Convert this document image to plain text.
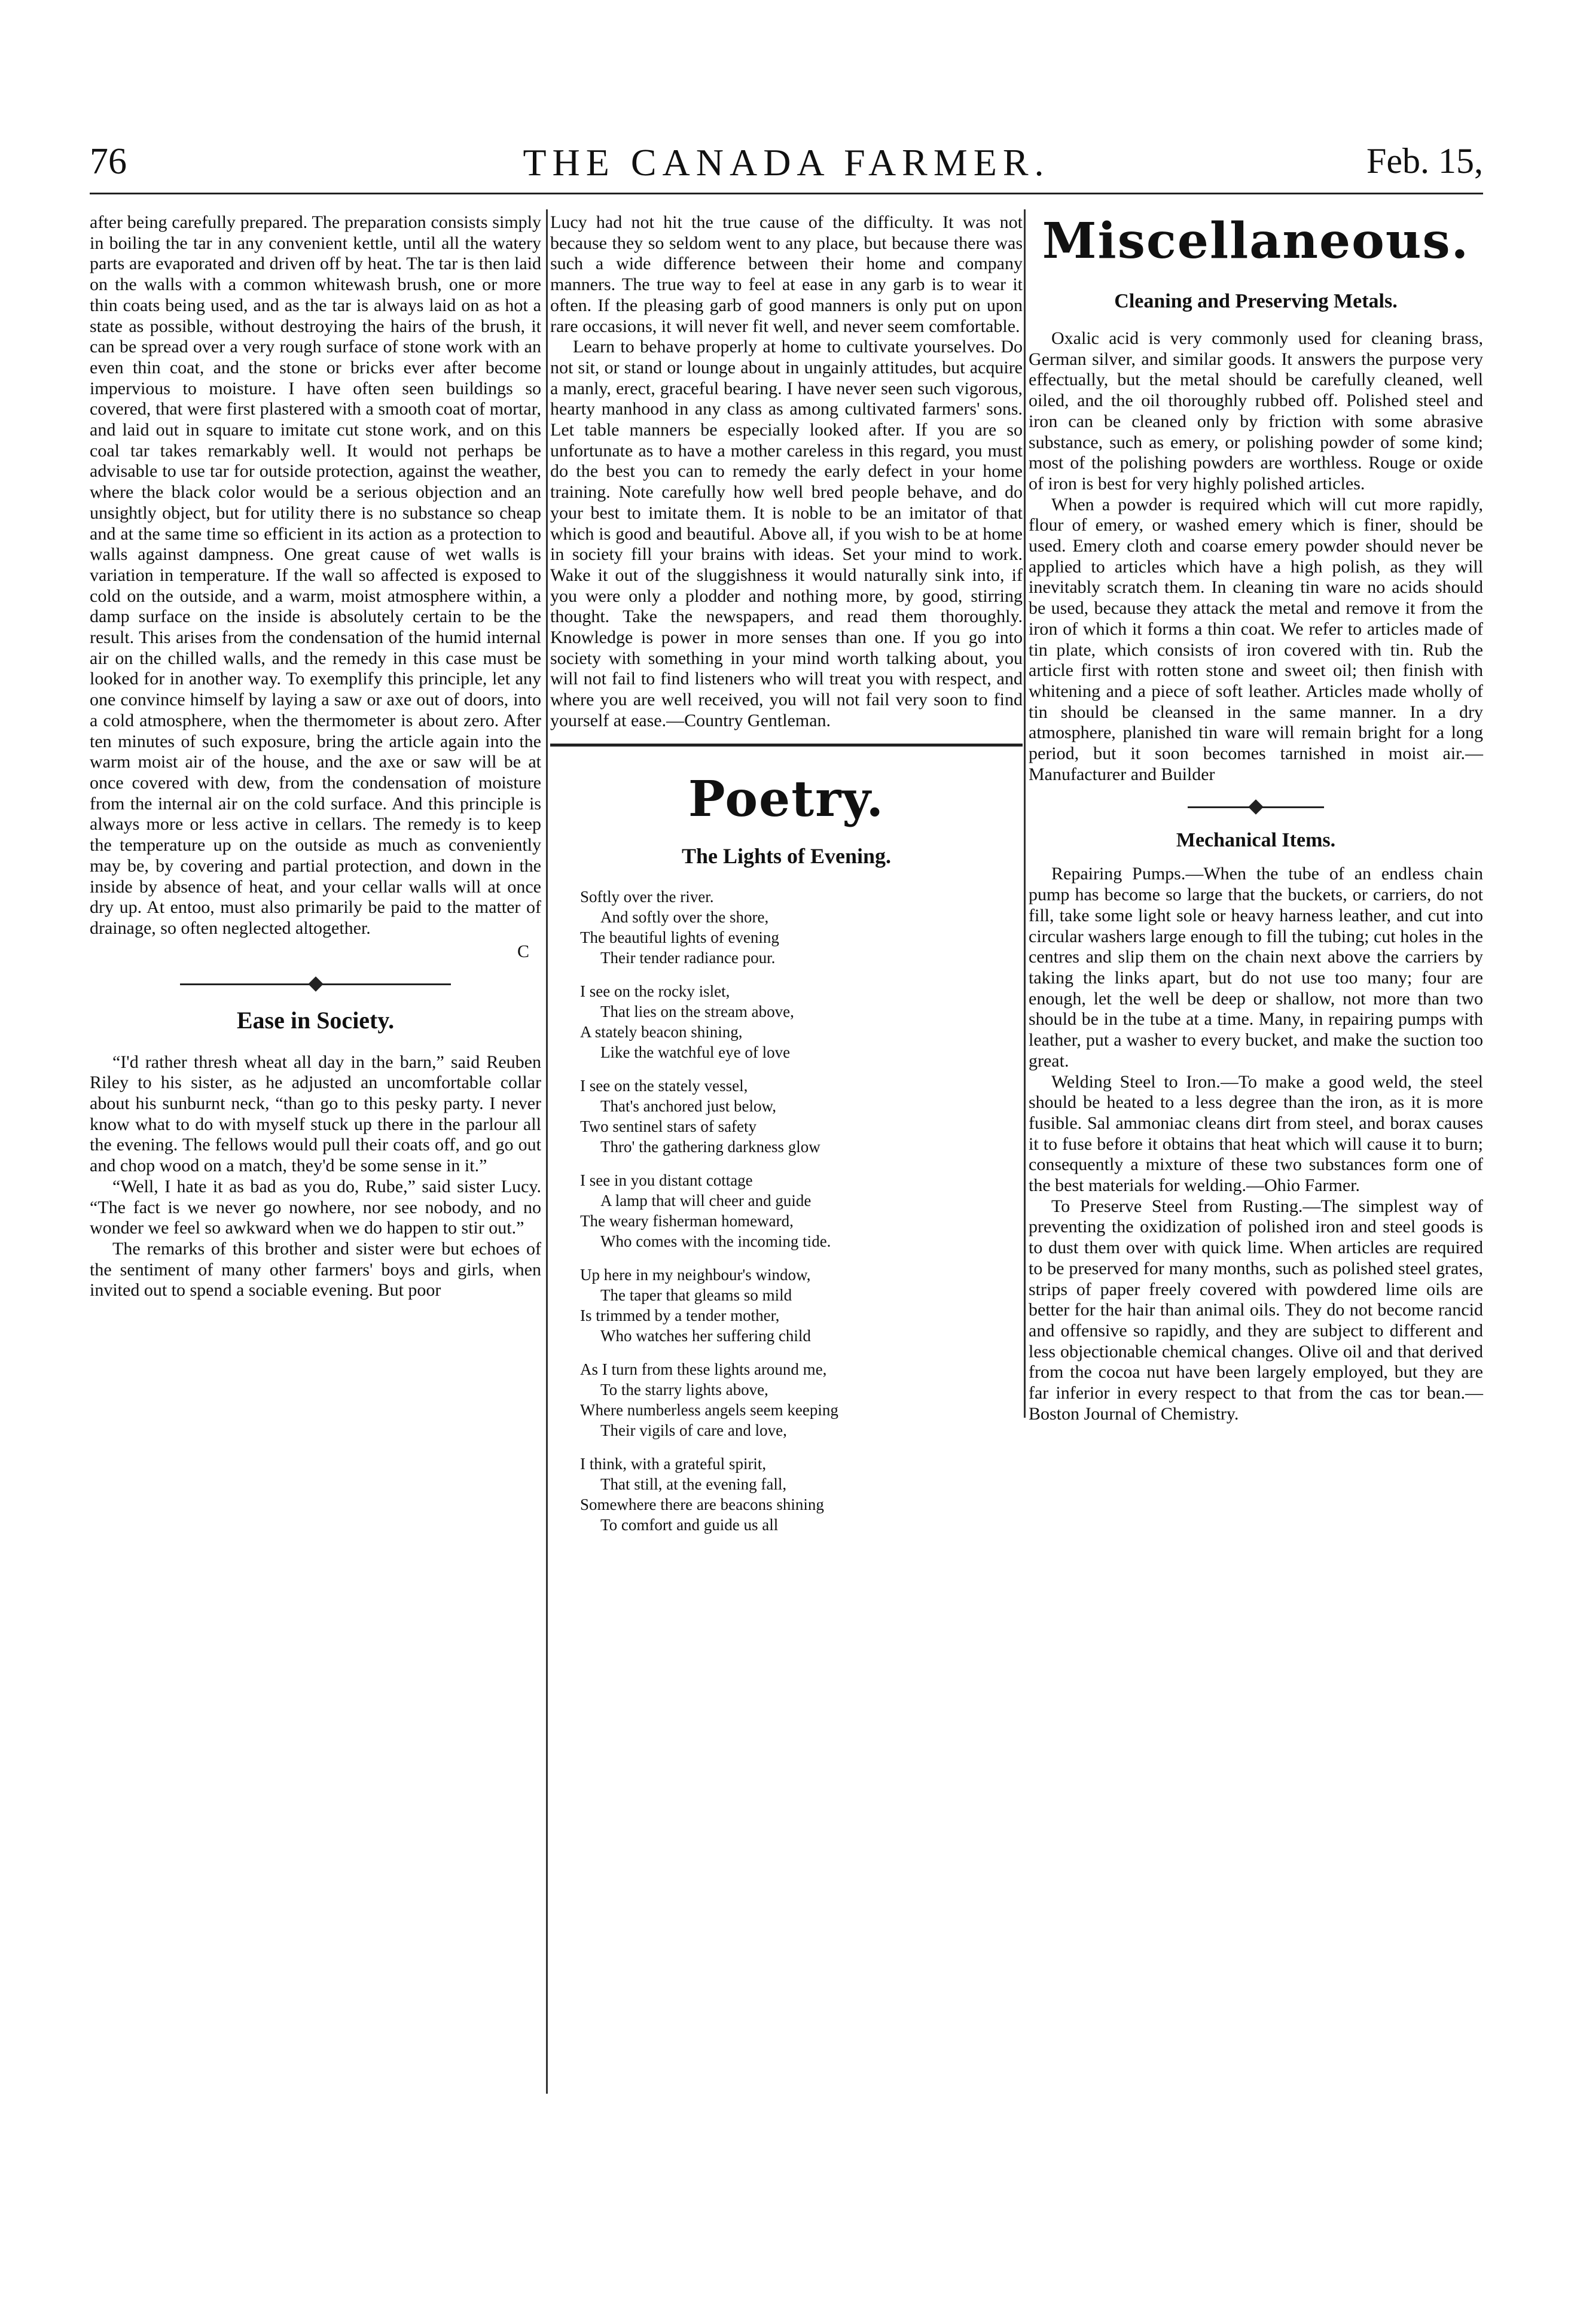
76	THE CANADA FARMER.	Feb. 15,

after being carefully prepared. The preparation consists simply in boiling the tar in any convenient kettle, until all the watery parts are evaporated and driven off by heat. The tar is then laid on the walls with a common whitewash brush, one or more thin coats being used, and as the tar is always laid on as hot a state as possible, without destroying the hairs of the brush, it can be spread over a very rough surface of stone work with an even thin coat, and the stone or bricks ever after become impervious to moisture. I have often seen buildings so covered, that were first plastered with a smooth coat of mortar, and laid out in square to imitate cut stone work, and on this coal tar takes remarkably well. It would not perhaps be advisable to use tar for outside protection, against the weather, where the black color would be a serious objection and an unsightly object, but for utility there is no substance so cheap and at the same time so efficient in its action as a protection to walls against dampness. One great cause of wet walls is variation in temperature. If the wall so affected is exposed to cold on the outside, and a warm, moist atmosphere within, a damp surface on the inside is absolutely certain to be the result. This arises from the condensation of the humid internal air on the chilled walls, and the remedy in this case must be looked for in another way. To exemplify this principle, let any one convince himself by laying a saw or axe out of doors, into a cold atmosphere, when the thermometer is about zero. After ten minutes of such exposure, bring the article again into the warm moist air of the house, and the axe or saw will be at once covered with dew, from the condensation of moisture from the internal air on the cold surface. And this principle is always more or less active in cellars. The remedy is to keep the temperature up on the outside as much as conveniently may be, by covering and partial protection, and down in the inside by absence of heat, and your cellar walls will at once dry up. At entoo, must also primarily be paid to the matter of drainage, so often neglected altogether.

C
Ease in Society.

“I'd rather thresh wheat all day in the barn,” said Reuben Riley to his sister, as he adjusted an uncomfortable collar about his sunburnt neck, “than go to this pesky party. I never know what to do with myself stuck up there in the parlour all the evening. The fellows would pull their coats off, and go out and chop wood on a match, they'd be some sense in it.”

“Well, I hate it as bad as you do, Rube,” said sister Lucy. “The fact is we never go nowhere, nor see nobody, and no wonder we feel so awkward when we do happen to stir out.”

The remarks of this brother and sister were but echoes of the sentiment of many other farmers' boys and girls, when invited out to spend a sociable evening. But poor

Lucy had not hit the true cause of the difficulty. It was not because they so seldom went to any place, but because there was such a wide difference between their home and company manners. The true way to feel at ease in any garb is to wear it often. If the pleasing garb of good manners is only put on upon rare occasions, it will never fit well, and never seem comfortable.

Learn to behave properly at home to cultivate yourselves. Do not sit, or stand or lounge about in ungainly attitudes, but acquire a manly, erect, graceful bearing. I have never seen such vigorous, hearty manhood in any class as among cultivated farmers' sons. Let table manners be especially looked after. If you are so unfortunate as to have a mother careless in this regard, you must do the best you can to remedy the early defect in your home training. Note carefully how well bred people behave, and do your best to imitate them. It is noble to be an imitator of that which is good and beautiful. Above all, if you wish to be at home in society fill your brains with ideas. Set your mind to work. Wake it out of the sluggishness it would naturally sink into, if you were only a plodder and nothing more, by good, stirring thought. Take the newspapers, and read them thoroughly. Knowledge is power in more senses than one. If you go into society with something in your mind worth talking about, you will not fail to find listeners who will treat you with respect, and where you are well received, you will not fail very soon to find yourself at ease.—Country Gentleman.

Poetry.
The Lights of Evening.
Softly over the river.
And softly over the shore,
The beautiful lights of evening
Their tender radiance pour.
I see on the rocky islet,
That lies on the stream above,
A stately beacon shining,
Like the watchful eye of love
I see on the stately vessel,
That's anchored just below,
Two sentinel stars of safety
Thro' the gathering darkness glow
I see in you distant cottage
A lamp that will cheer and guide
The weary fisherman homeward,
Who comes with the incoming tide.
Up here in my neighbour's window,
The taper that gleams so mild
Is trimmed by a tender mother,
Who watches her suffering child
As I turn from these lights around me,
To the starry lights above,
Where numberless angels seem keeping
Their vigils of care and love,
I think, with a grateful spirit,
That still, at the evening fall,
Somewhere there are beacons shining
To comfort and guide us all
Miscellaneous.
Cleaning and Preserving Metals.

Oxalic acid is very commonly used for cleaning brass, German silver, and similar goods. It answers the purpose very effectually, but the metal should be carefully cleaned, well oiled, and the oil thoroughly rubbed off. Polished steel and iron can be cleaned only by friction with some abrasive substance, such as emery, or polishing powder of some kind; most of the polishing powders are worthless. Rouge or oxide of iron is best for very highly polished articles.

When a powder is required which will cut more rapidly, flour of emery, or washed emery which is finer, should be used. Emery cloth and coarse emery powder should never be applied to articles which have a high polish, as they will inevitably scratch them. In cleaning tin ware no acids should be used, because they attack the metal and remove it from the iron of which it forms a thin coat. We refer to articles made of tin plate, which consists of iron covered with tin. Rub the article first with rotten stone and sweet oil; then finish with whitening and a piece of soft leather. Articles made wholly of tin should be cleansed in the same manner. In a dry atmosphere, planished tin ware will remain bright for a long period, but it soon becomes tarnished in moist air.—Manufacturer and Builder

Mechanical Items.

Repairing Pumps.—When the tube of an endless chain pump has become so large that the buckets, or carriers, do not fill, take some light sole or heavy harness leather, and cut into circular washers large enough to fill the tubing; cut holes in the centres and slip them on the chain next above the carriers by taking the links apart, but do not use too many; four are enough, let the well be deep or shallow, not more than two should be in the tube at a time. Many, in repairing pumps with leather, put a washer to every bucket, and make the suction too great.

Welding Steel to Iron.—To make a good weld, the steel should be heated to a less degree than the iron, as it is more fusible. Sal ammoniac cleans dirt from steel, and borax causes it to fuse before it obtains that heat which will cause it to burn; consequently a mixture of these two substances form one of the best materials for welding.—Ohio Farmer.

To Preserve Steel from Rusting.—The simplest way of preventing the oxidization of polished iron and steel goods is to dust them over with quick lime. When articles are required to be preserved for many months, such as polished steel grates, strips of paper freely covered with powdered lime oils are better for the hair than animal oils. They do not become rancid and offensive so rapidly, and they are subject to different and less objectionable chemical changes. Olive oil and that derived from the cocoa nut have been largely employed, but they are far inferior in every respect to that from the cas tor bean.—Boston Journal of Chemistry.
